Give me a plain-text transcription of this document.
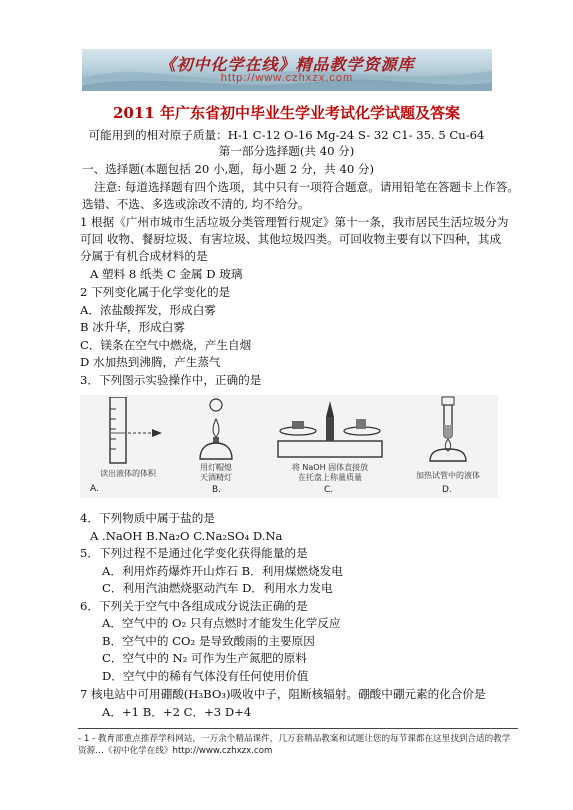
《初中化学在线》精品教学资源库
http://www.czhxzx.com
2011 年广东省初中毕业生学业考试化学试题及答案
可能用到的相对原子质量：H-1 C-12 O-16 Mg-24 S- 32 C1- 35. 5 Cu-64
第一部分选择题(共 40 分)
一、选择题(本题包括 20 小,题，每小题 2 分，共 40 分)
注意: 每道选择题有四个选项，其中只有一项符合题意。请用铅笔在答题卡上作答。
选错、不选、多选或涂改不清的, 均不给分。
1 根据《广州市城市生活垃圾分类管理暂行规定》第十一条，我市居民生活垃圾分为
可回 收物、餐厨垃圾、有害垃圾、其他垃圾四类。可回收物主要有以下四种，其成
分属于有机合成材料的是
A 塑料 8 纸类 C 金属 D 玻璃
2 下列变化属于化学变化的是
A．浓盐酸挥发，形成白雾
B 冰升华，形成白雾
C．镁条在空气中燃烧，产生自烟
D 水加热到沸腾，产生蒸气
3．下列图示实验操作中，正确的是
读出液体的体积
A.
用灯帽熄
天酒精灯
B.
将 NaOH 固体直接放
在托盘上称量质量
C.
加热试管中的液体
D.
4．下列物质中属于盐的是
A .NaOH B.Na₂O C.Na₂SO₄ D.Na
5．下列过程不是通过化学变化获得能量的是
A．利用炸药爆炸开山炸石 B．利用煤燃烧发电
C．利用汽油燃烧驱动汽车 D．利用水力发电
6．下列关于空气中各组成成分说法正确的是
A．空气中的 O₂ 只有点燃时才能发生化学反应
B．空气中的 CO₂ 是导致酸雨的主要原因
C．空气中的 N₂ 可作为生产氮肥的原料
D．空气中的稀有气体没有任何使用价值
7 核电站中可用硼酸(H₃BO₃)吸收中子，阻断核辐射。硼酸中硼元素的化合价是
A．+1 B．+2 C．+3 D+4
- 1 - 教育部重点推荐学科网站，一万余个精品课件，几万套精品教案和试题让您的每节课都在这里找到合适的教学资源…《初中化学在线》http://www.czhxzx.com
